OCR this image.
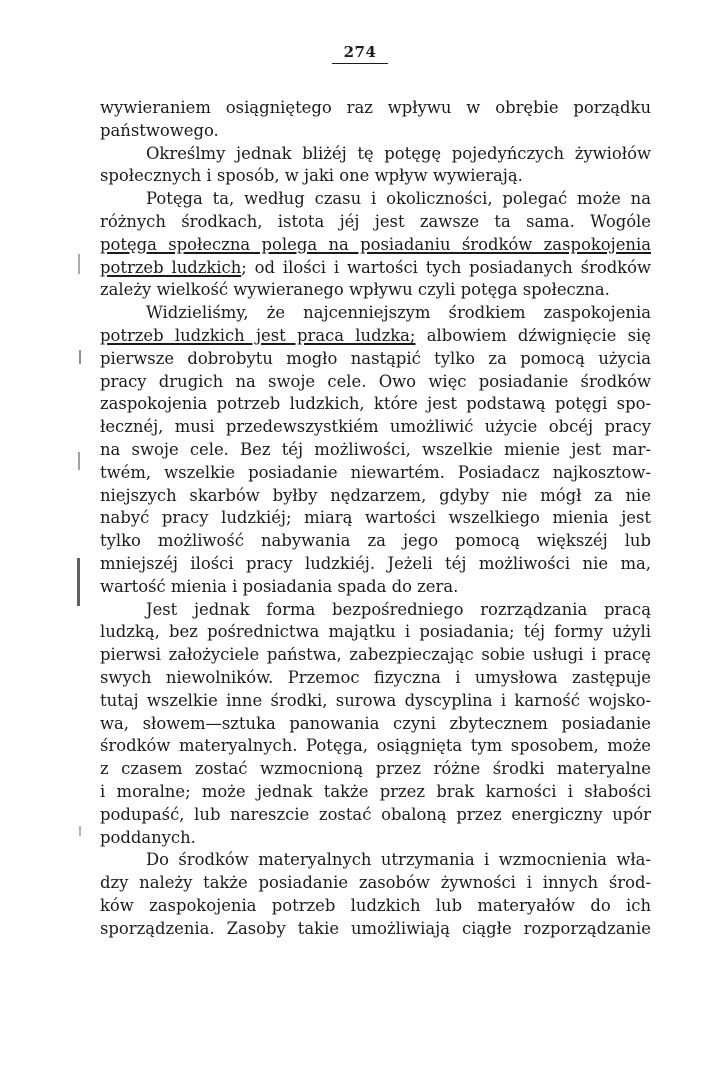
274
wywieraniem osiągniętego raz wpływu w obrębie porządku
państwowego.
Określmy jednak bliżéj tę potęgę pojedyńczych żywiołów
społecznych i sposób, w jaki one wpływ wywierają.
Potęga ta, według czasu i okoliczności, polegać może na
różnych środkach, istota jéj jest zawsze ta sama. Wogóle
potęga społeczna polega na posiadaniu środków zaspokojenia
potrzeb ludzkich; od ilości i wartości tych posiadanych środków
zależy wielkość wywieranego wpływu czyli potęga społeczna.
Widzieliśmy, że najcenniejszym środkiem zaspokojenia
potrzeb ludzkich jest praca ludzka; albowiem dźwignięcie się
pierwsze dobrobytu mogło nastąpić tylko za pomocą użycia
pracy drugich na swoje cele. Owo więc posiadanie środków
zaspokojenia potrzeb ludzkich, które jest podstawą potęgi spo-
łecznéj, musi przedewszystkiém umożliwić użycie obcéj pracy
na swoje cele. Bez téj możliwości, wszelkie mienie jest mar-
twém, wszelkie posiadanie niewartém. Posiadacz najkosztow-
niejszych skarbów byłby nędzarzem, gdyby nie mógł za nie
nabyć pracy ludzkiéj; miarą wartości wszelkiego mienia jest
tylko możliwość nabywania za jego pomocą większéj lub
mniejszéj ilości pracy ludzkiéj. Jeżeli téj możliwości nie ma,
wartość mienia i posiadania spada do zera.
Jest jednak forma bezpośredniego rozrządzania pracą
ludzką, bez pośrednictwa majątku i posiadania; téj formy użyli
pierwsi założyciele państwa, zabezpieczając sobie usługi i pracę
swych niewolników. Przemoc fizyczna i umysłowa zastępuje
tutaj wszelkie inne środki, surowa dyscyplina i karność wojsko-
wa, słowem—sztuka panowania czyni zbytecznem posiadanie
środków materyalnych. Potęga, osiągnięta tym sposobem, może
z czasem zostać wzmocnioną przez różne środki materyalne
i moralne; może jednak także przez brak karności i słabości
podupaść, lub nareszcie zostać obaloną przez energiczny upór
poddanych.
Do środków materyalnych utrzymania i wzmocnienia wła-
dzy należy także posiadanie zasobów żywności i innych środ-
ków zaspokojenia potrzeb ludzkich lub materyałów do ich
sporządzenia. Zasoby takie umożliwiają ciągłe rozporządzanie
